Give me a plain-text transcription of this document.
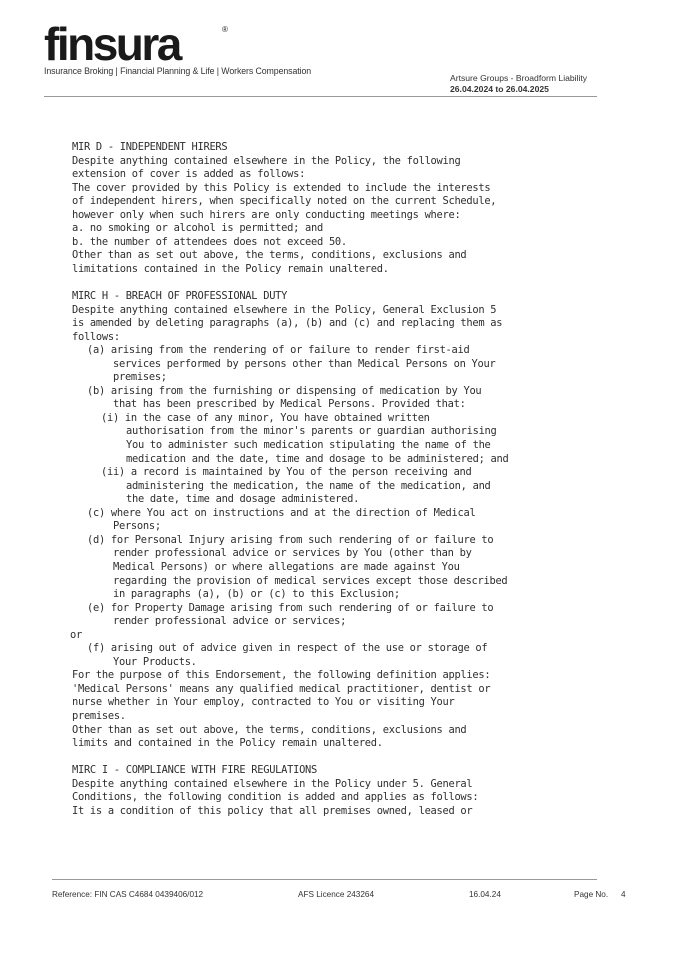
finsura	®
Insurance Broking | Financial Planning & Life | Workers Compensation
Artsure Groups - Broadform Liability
26.04.2024 to 26.04.2025
MIR D - INDEPENDENT HIRERS
Despite anything contained elsewhere in the Policy, the following
extension of cover is added as follows:
The cover provided by this Policy is extended to include the interests
of independent hirers, when specifically noted on the current Schedule,
however only when such hirers are only conducting meetings where:
a. no smoking or alcohol is permitted; and
b. the number of attendees does not exceed 50.
Other than as set out above, the terms, conditions, exclusions and
limitations contained in the Policy remain unaltered.
MIRC H - BREACH OF PROFESSIONAL DUTY
Despite anything contained elsewhere in the Policy, General Exclusion 5
is amended by deleting paragraphs (a), (b) and (c) and replacing them as
follows:
(a) arising from the rendering of or failure to render first-aid
services performed by persons other than Medical Persons on Your
premises;
(b) arising from the furnishing or dispensing of medication by You
that has been prescribed by Medical Persons. Provided that:
(i) in the case of any minor, You have obtained written
authorisation from the minor's parents or guardian authorising
You to administer such medication stipulating the name of the
medication and the date, time and dosage to be administered; and
(ii) a record is maintained by You of the person receiving and
administering the medication, the name of the medication, and
the date, time and dosage administered.
(c) where You act on instructions and at the direction of Medical
Persons;
(d) for Personal Injury arising from such rendering of or failure to
render professional advice or services by You (other than by
Medical Persons) or where allegations are made against You
regarding the provision of medical services except those described
in paragraphs (a), (b) or (c) to this Exclusion;
(e) for Property Damage arising from such rendering of or failure to
render professional advice or services;
or
(f) arising out of advice given in respect of the use or storage of
Your Products.
For the purpose of this Endorsement, the following definition applies:
'Medical Persons' means any qualified medical practitioner, dentist or
nurse whether in Your employ, contracted to You or visiting Your
premises.
Other than as set out above, the terms, conditions, exclusions and
limits and contained in the Policy remain unaltered.
MIRC I - COMPLIANCE WITH FIRE REGULATIONS
Despite anything contained elsewhere in the Policy under 5. General
Conditions, the following condition is added and applies as follows:
It is a condition of this policy that all premises owned, leased or
Reference: FIN CAS C4684 0439406/012	AFS Licence 243264	16.04.24	Page No. 4
